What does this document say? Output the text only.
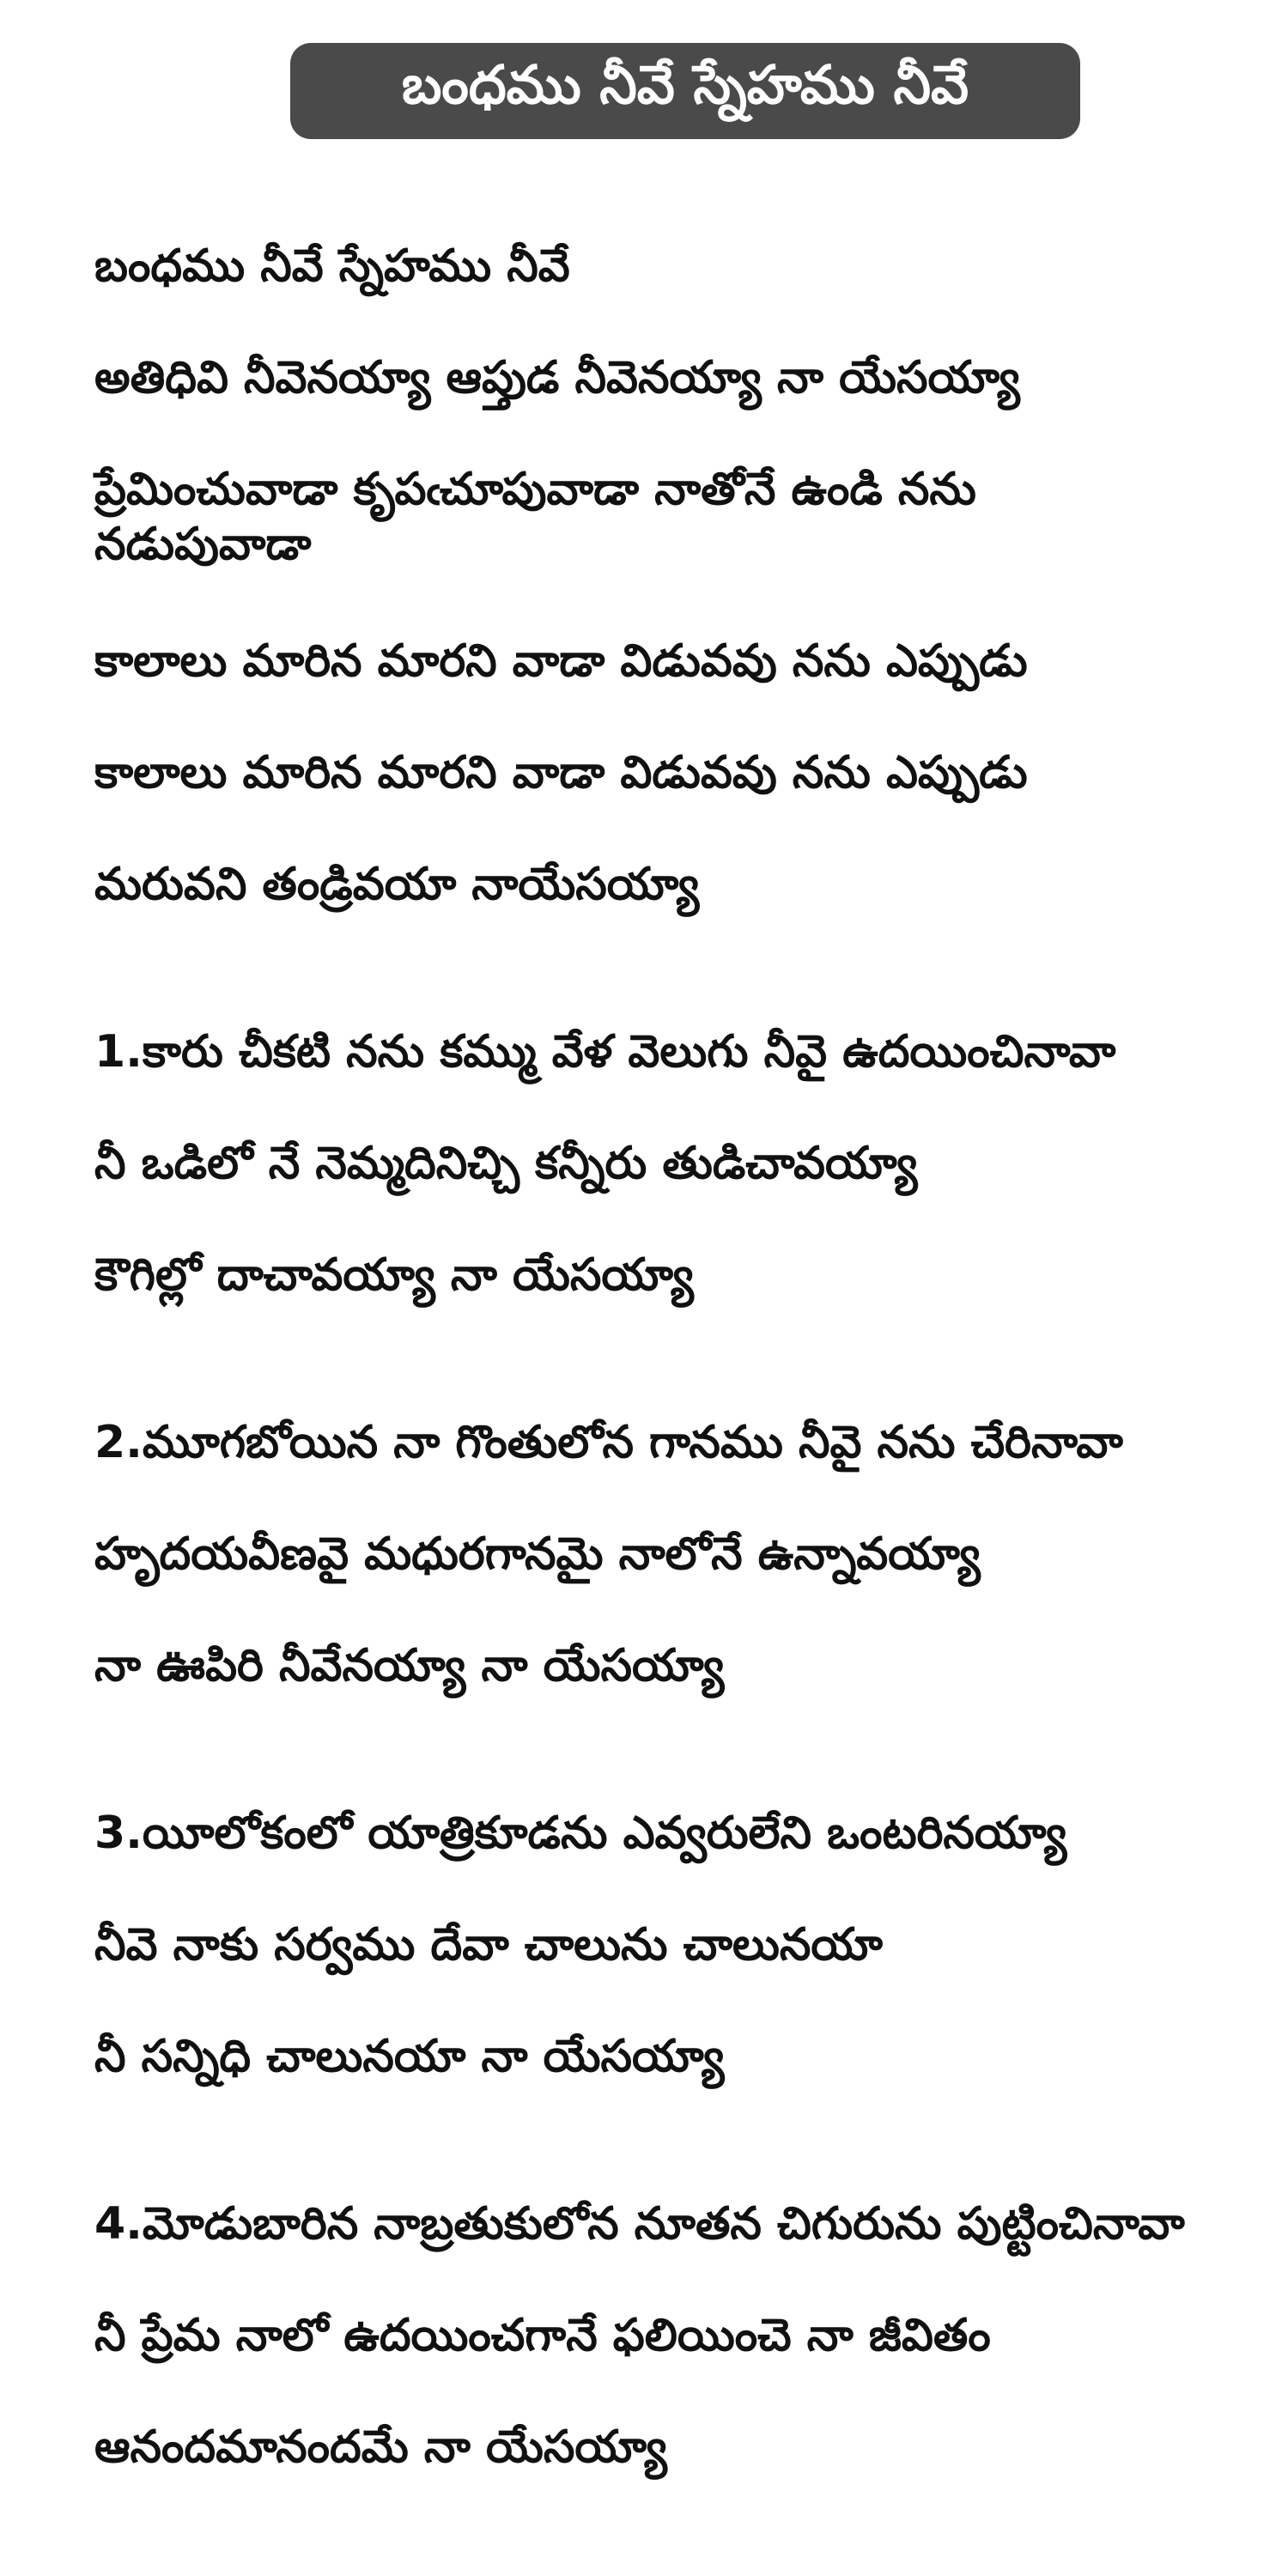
బంధము నీవే స్నేహము నీవే
బంధము నీవే స్నేహము నీవే
అతిధివి నీవెనయ్యా ఆప్తుడ నీవెనయ్యా నా యేసయ్యా
ప్రేమించువాడా కృపఁచూపువాడా నాతోనే ఉండి నను నడుపువాడా
కాలాలు మారిన మారని వాడా విడువవు నను ఎప్పుడు
కాలాలు మారిన మారని వాడా విడువవు నను ఎప్పుడు
మరువని తండ్రివయా నాయేసయ్యా
1.కారు చీకటి నను కమ్ము వేళ వెలుగు నీవై ఉదయించినావా
నీ ఒడిలో నే నెమ్మదినిచ్చి కన్నీరు తుడిచావయ్యా
కౌగిల్లో దాచావయ్యా నా యేసయ్యా
2.మూగబోయిన నా గొంతులోన గానము నీవై నను చేరినావా
హృదయవీణవై మధురగానమై నాలోనే ఉన్నావయ్యా
నా ఊపిరి నీవేనయ్యా నా యేసయ్యా
3.యీలోకంలో యాత్రికూడను ఎవ్వరులేని ఒంటరినయ్యా
నీవె నాకు సర్వము దేవా చాలును చాలునయా
నీ సన్నిధి చాలునయా నా యేసయ్యా
4.మోడుబారిన నాబ్రతుకులోన నూతన చిగురును పుట్టించినావా
నీ ప్రేమ నాలో ఉదయించగానే ఫలియించె నా జీవితం
ఆనందమానందమే నా యేసయ్యా
